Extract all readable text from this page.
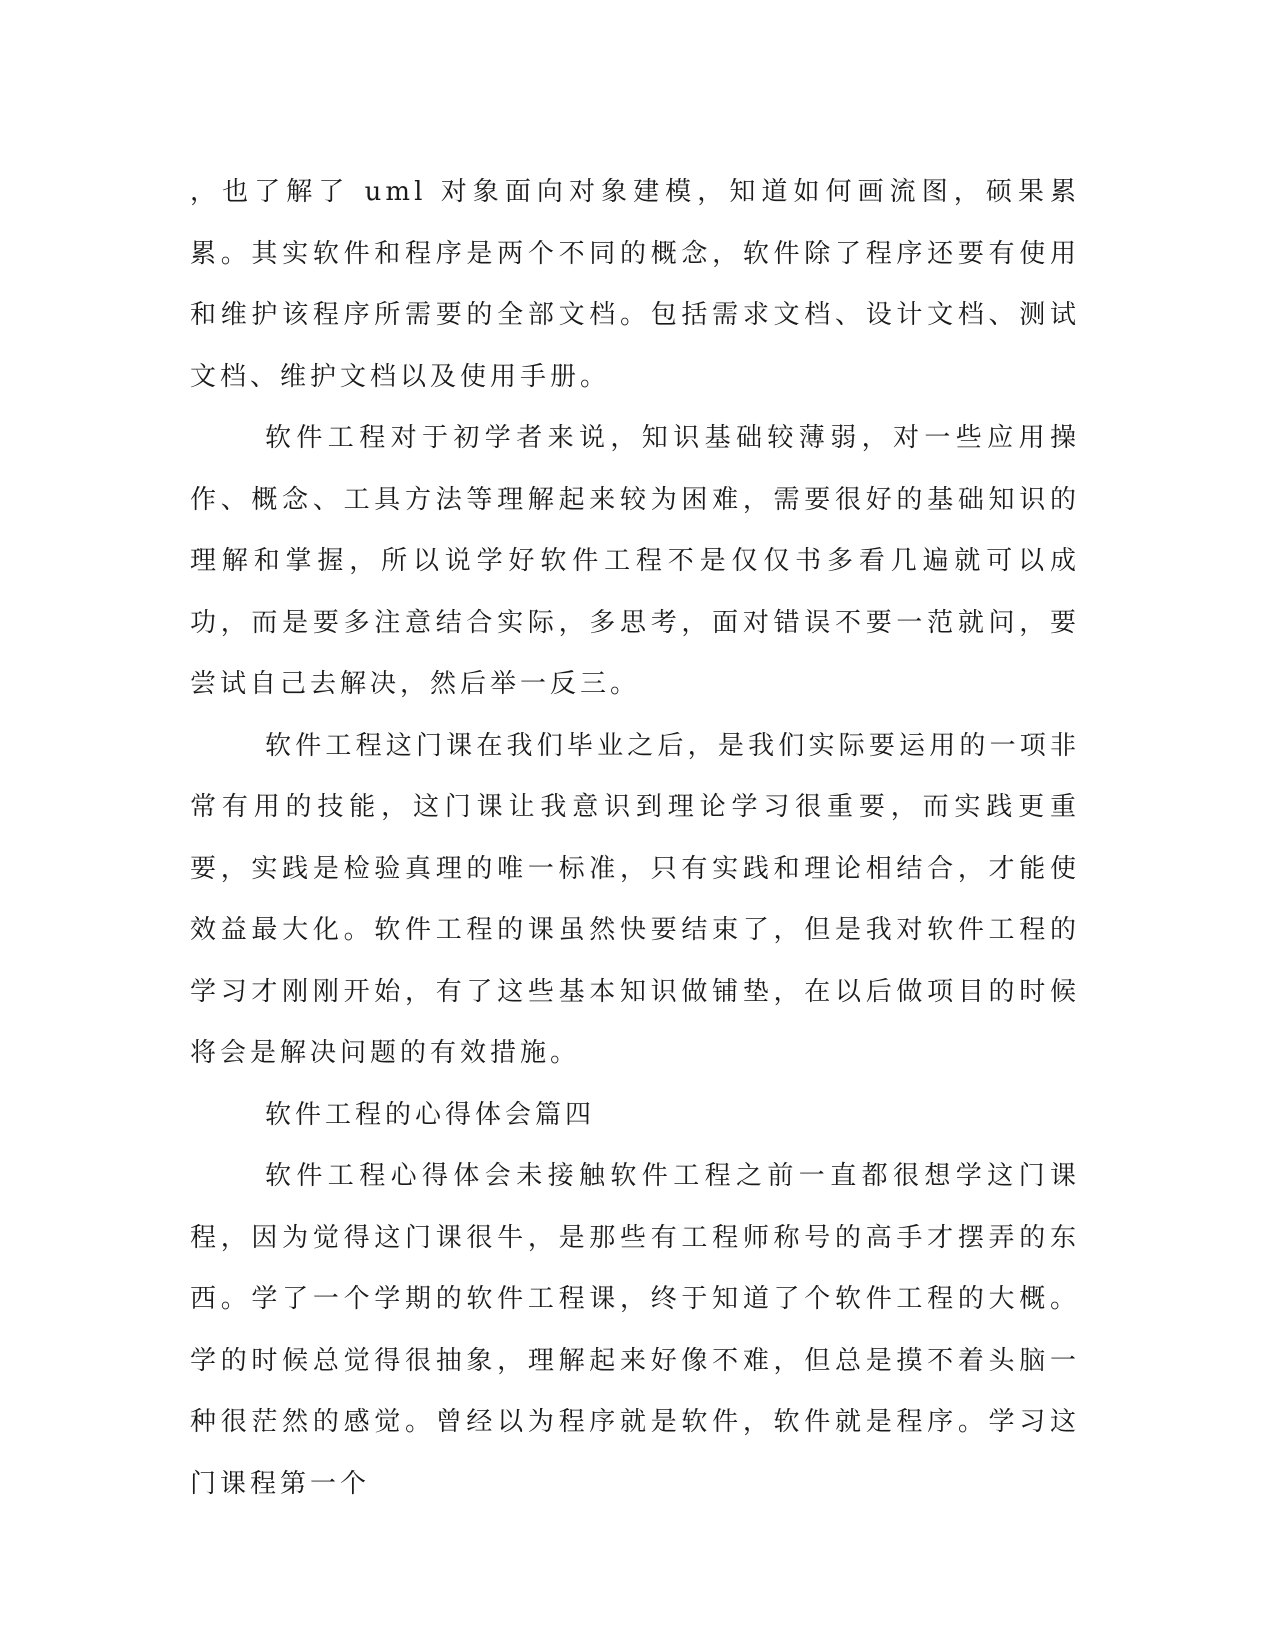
，也了解了 uml 对象面向对象建模，知道如何画流图，硕果累累。其实软件和程序是两个不同的概念，软件除了程序还要有使用和维护该程序所需要的全部文档。包括需求文档、设计文档、测试文档、维护文档以及使用手册。

软件工程对于初学者来说，知识基础较薄弱，对一些应用操作、概念、工具方法等理解起来较为困难，需要很好的基础知识的理解和掌握，所以说学好软件工程不是仅仅书多看几遍就可以成功，而是要多注意结合实际，多思考，面对错误不要一范就问，要尝试自己去解决，然后举一反三。

软件工程这门课在我们毕业之后，是我们实际要运用的一项非常有用的技能，这门课让我意识到理论学习很重要，而实践更重要，实践是检验真理的唯一标准，只有实践和理论相结合，才能使效益最大化。软件工程的课虽然快要结束了，但是我对软件工程的学习才刚刚开始，有了这些基本知识做铺垫，在以后做项目的时候将会是解决问题的有效措施。

软件工程的心得体会篇四

软件工程心得体会未接触软件工程之前一直都很想学这门课程，因为觉得这门课很牛，是那些有工程师称号的高手才摆弄的东西。学了一个学期的软件工程课，终于知道了个软件工程的大概。学的时候总觉得很抽象，理解起来好像不难，但总是摸不着头脑一种很茫然的感觉。曾经以为程序就是软件，软件就是程序。学习这门课程第一个
